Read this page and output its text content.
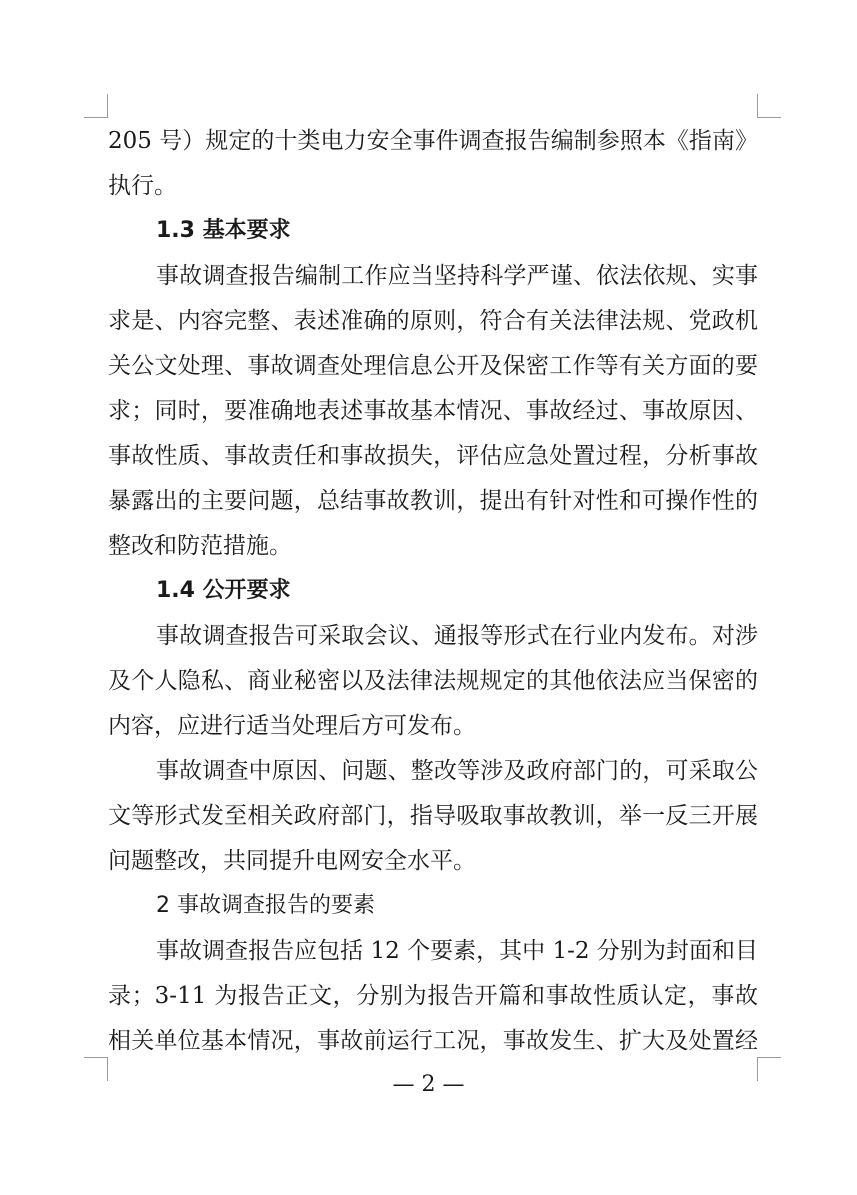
205 号）规定的十类电力安全事件调查报告编制参照本《指南》
执行。
1.3 基本要求
事故调查报告编制工作应当坚持科学严谨、依法依规、实事
求是、内容完整、表述准确的原则，符合有关法律法规、党政机
关公文处理、事故调查处理信息公开及保密工作等有关方面的要
求；同时，要准确地表述事故基本情况、事故经过、事故原因、
事故性质、事故责任和事故损失，评估应急处置过程，分析事故
暴露出的主要问题，总结事故教训，提出有针对性和可操作性的
整改和防范措施。
1.4 公开要求
事故调查报告可采取会议、通报等形式在行业内发布。对涉
及个人隐私、商业秘密以及法律法规规定的其他依法应当保密的
内容，应进行适当处理后方可发布。
事故调查中原因、问题、整改等涉及政府部门的，可采取公
文等形式发至相关政府部门，指导吸取事故教训，举一反三开展
问题整改，共同提升电网安全水平。
2 事故调查报告的要素
事故调查报告应包括 12 个要素，其中 1-2 分别为封面和目
录；3-11 为报告正文，分别为报告开篇和事故性质认定，事故
相关单位基本情况，事故前运行工况，事故发生、扩大及处置经
— 2 —
